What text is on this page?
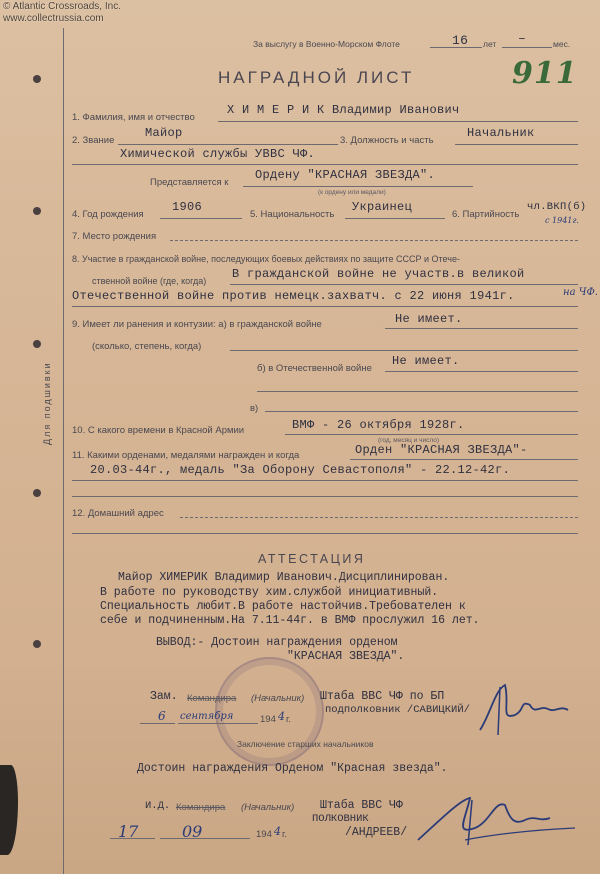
© Atlantic Crossroads, Inc.
www.collectrussia.com
Для подшивки
За выслугу в Военно-Морском Флоте	16 лет –	мес.
НАГРАДНОЙ ЛИСТ	911
1. Фамилия, имя и отчество
Х И М Е Р И К Владимир Иванович
2. Звание
Майор
3. Должность и часть
Начальник
Химической службы УВВС ЧФ.
Представляется к
Ордену "КРАСНАЯ ЗВЕЗДА".
(к ордену или медали)
4. Год рождения
1906
5. Национальность
Украинец
6. Партийность
чл.ВКП(б)
с 1941г.
7. Место рождения
8. Участие в гражданской войне, последующих боевых действиях по защите СССР и Отече-
ственной войне (где, когда) В гражданской войне не участв.в великой
Отечественной войне против немецк.захватч. с 22 июня 1941г.	на ЧФ.
9. Имеет ли ранения и контузии: а) в гражданской войне	Не имеет.
(сколько, степень, когда)
б) в Отечественной войне
Не имеет.
в)
10. С какого времени в Красной Армии	ВМФ - 26 октября 1928г.
(год, месяц и число)
11. Какими орденами, медалями награжден и когда	Орден "КРАСНАЯ ЗВЕЗДА"-
20.03-44г., медаль "За Оборону Севастополя" - 22.12-42г.
12. Домашний адрес
АТТЕСТАЦИЯ
Майор ХИМЕРИК Владимир Иванович.Дисциплинирован.
В работе по руководству хим.службой инициативный.
Специальность любит.В работе настойчив.Требователен к
себе и подчиненным.На 7.11-44г. в ВМФ прослужил 16 лет.
ВЫВОД:- Достоин награждения орденом
"КРАСНАЯ ЗВЕЗДА".
Зам. Командира (Начальник) Штаба ВВС ЧФ по БП
подполковник /САВИЦКИЙ/
6 сентября	194 4 г.
Заключение старших начальников
Достоин награждения Орденом "Красная звезда".
И.Д. Командира (Начальник) Штаба ВВС ЧФ
ПОЛКОВНИК
/АНДРЕЕВ/
17	09	194 4 г.
